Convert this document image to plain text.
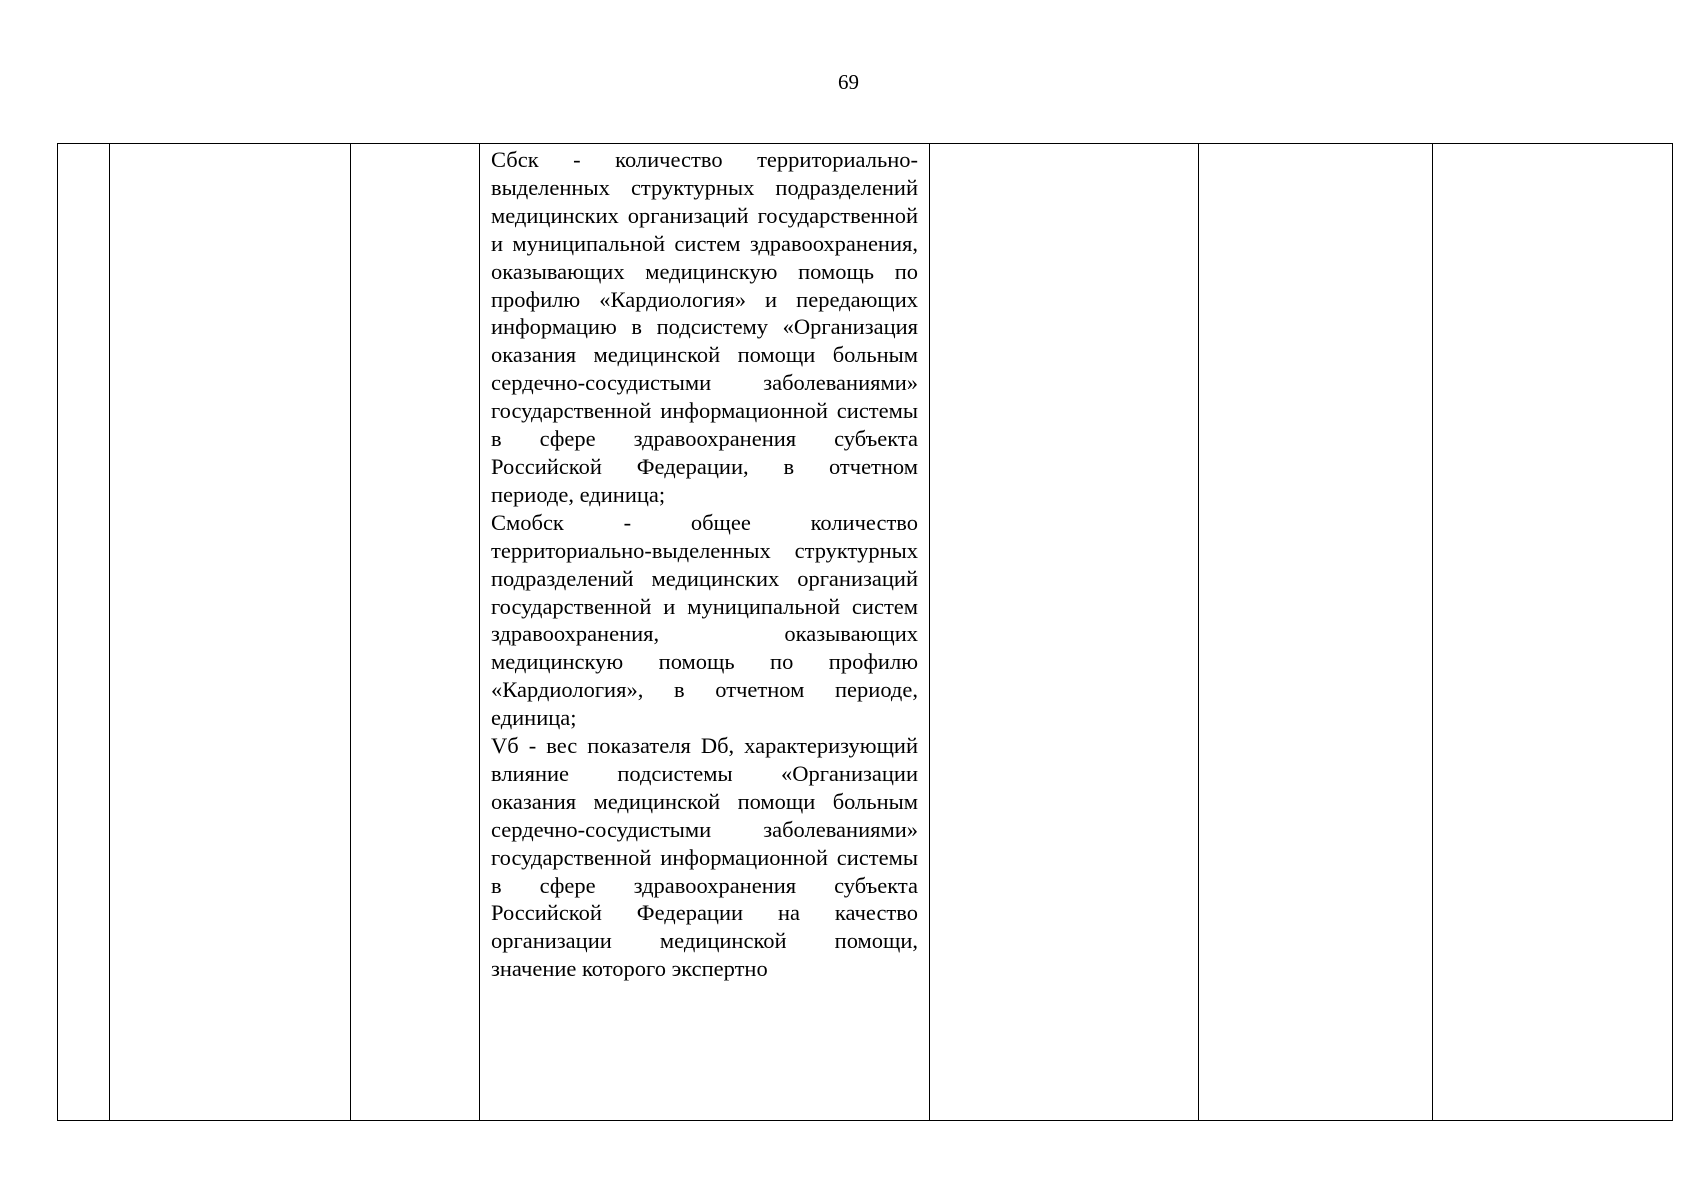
69

Сбск - количество территориально-выделенных структурных подразделений медицинских организаций государственной и муниципальной систем здравоохранения, оказывающих медицинскую помощь по профилю «Кардиология» и передающих информацию в подсистему «Организация оказания медицинской помощи больным сердечно-сосудистыми заболеваниями» государственной информационной системы в сфере здравоохранения субъекта Российской Федерации, в отчетном периоде, единица;

Смобск - общее количество территориально-выделенных структурных подразделений медицинских организаций государственной и муниципальной систем здравоохранения, оказывающих медицинскую помощь по профилю «Кардиология», в отчетном периоде, единица;

Vб - вес показателя Dб, характеризующий влияние подсистемы «Организации оказания медицинской помощи больным сердечно-сосудистыми заболеваниями» государственной информационной системы в сфере здравоохранения субъекта Российской Федерации на качество организации медицинской помощи, значение которого экспертно
